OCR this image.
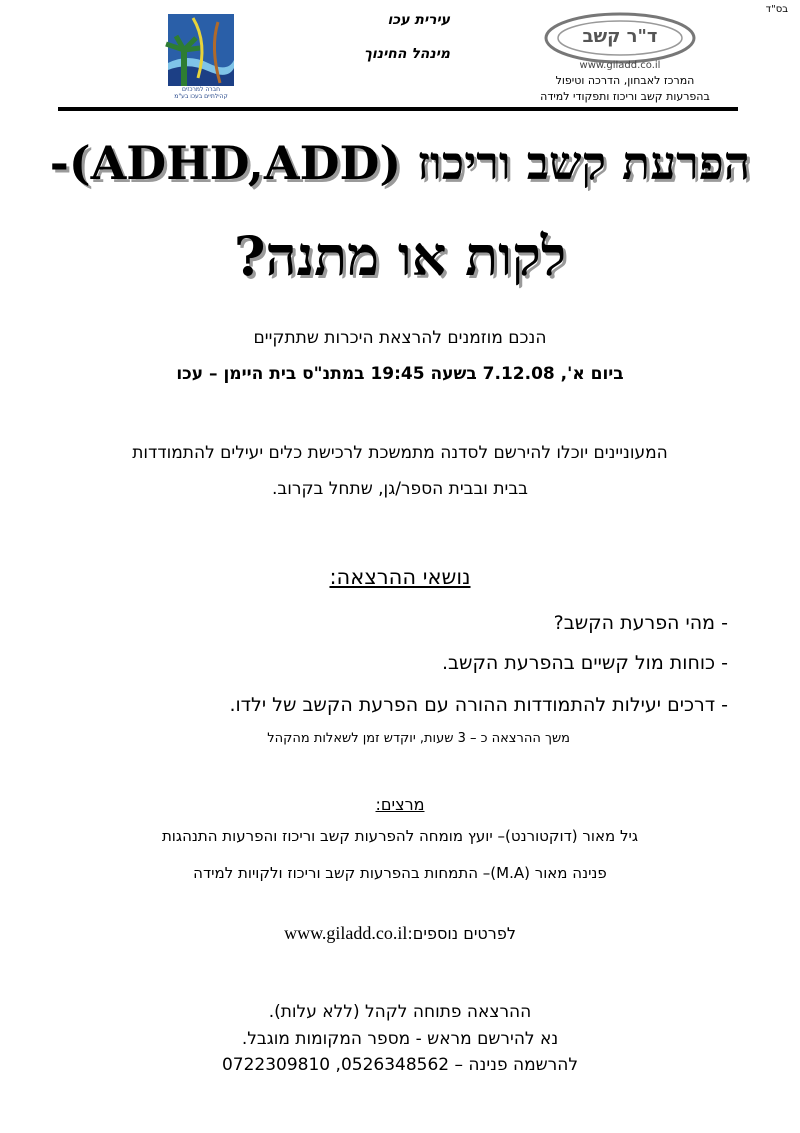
בס"ד
חברה למרכזים
קהילתיים בעכו בע"מ
עירית עכו
מינהל החינוך
ד"ר קשב
www.giladd.co.il
המרכז לאבחון, הדרכה וטיפול
בהפרעות קשב וריכוז ותפקודי למידה
הפרעת קשב וריכוז (ADHD,ADD)-
לקות או מתנה?
הנכם מוזמנים להרצאת היכרות שתתקיים
ביום א', 7.12.08 בשעה 19:45 במתנ"ס בית היימן – עכו
המעוניינים יוכלו להירשם לסדנה מתמשכת לרכישת כלים יעילים להתמודדות
בבית ובבית הספר/גן, שתחל בקרוב.
נושאי ההרצאה:
- מהי הפרעת הקשב?
- כוחות מול קשיים בהפרעת הקשב.
- דרכים יעילות להתמודדות ההורה עם הפרעת הקשב של ילדו.
משך ההרצאה כ – 3 שעות, יוקדש זמן לשאלות מהקהל
מרצים:
גיל מאור (דוקטורנט)– יועץ מומחה להפרעות קשב וריכוז והפרעות התנהגות
פנינה מאור (M.A)– התמחות בהפרעות קשב וריכוז ולקויות למידה
לפרטים נוספים:www.giladd.co.il
ההרצאה פתוחה לקהל (ללא עלות).
נא להירשם מראש - מספר המקומות מוגבל.
להרשמה פנינה – 0526348562, 0722309810
